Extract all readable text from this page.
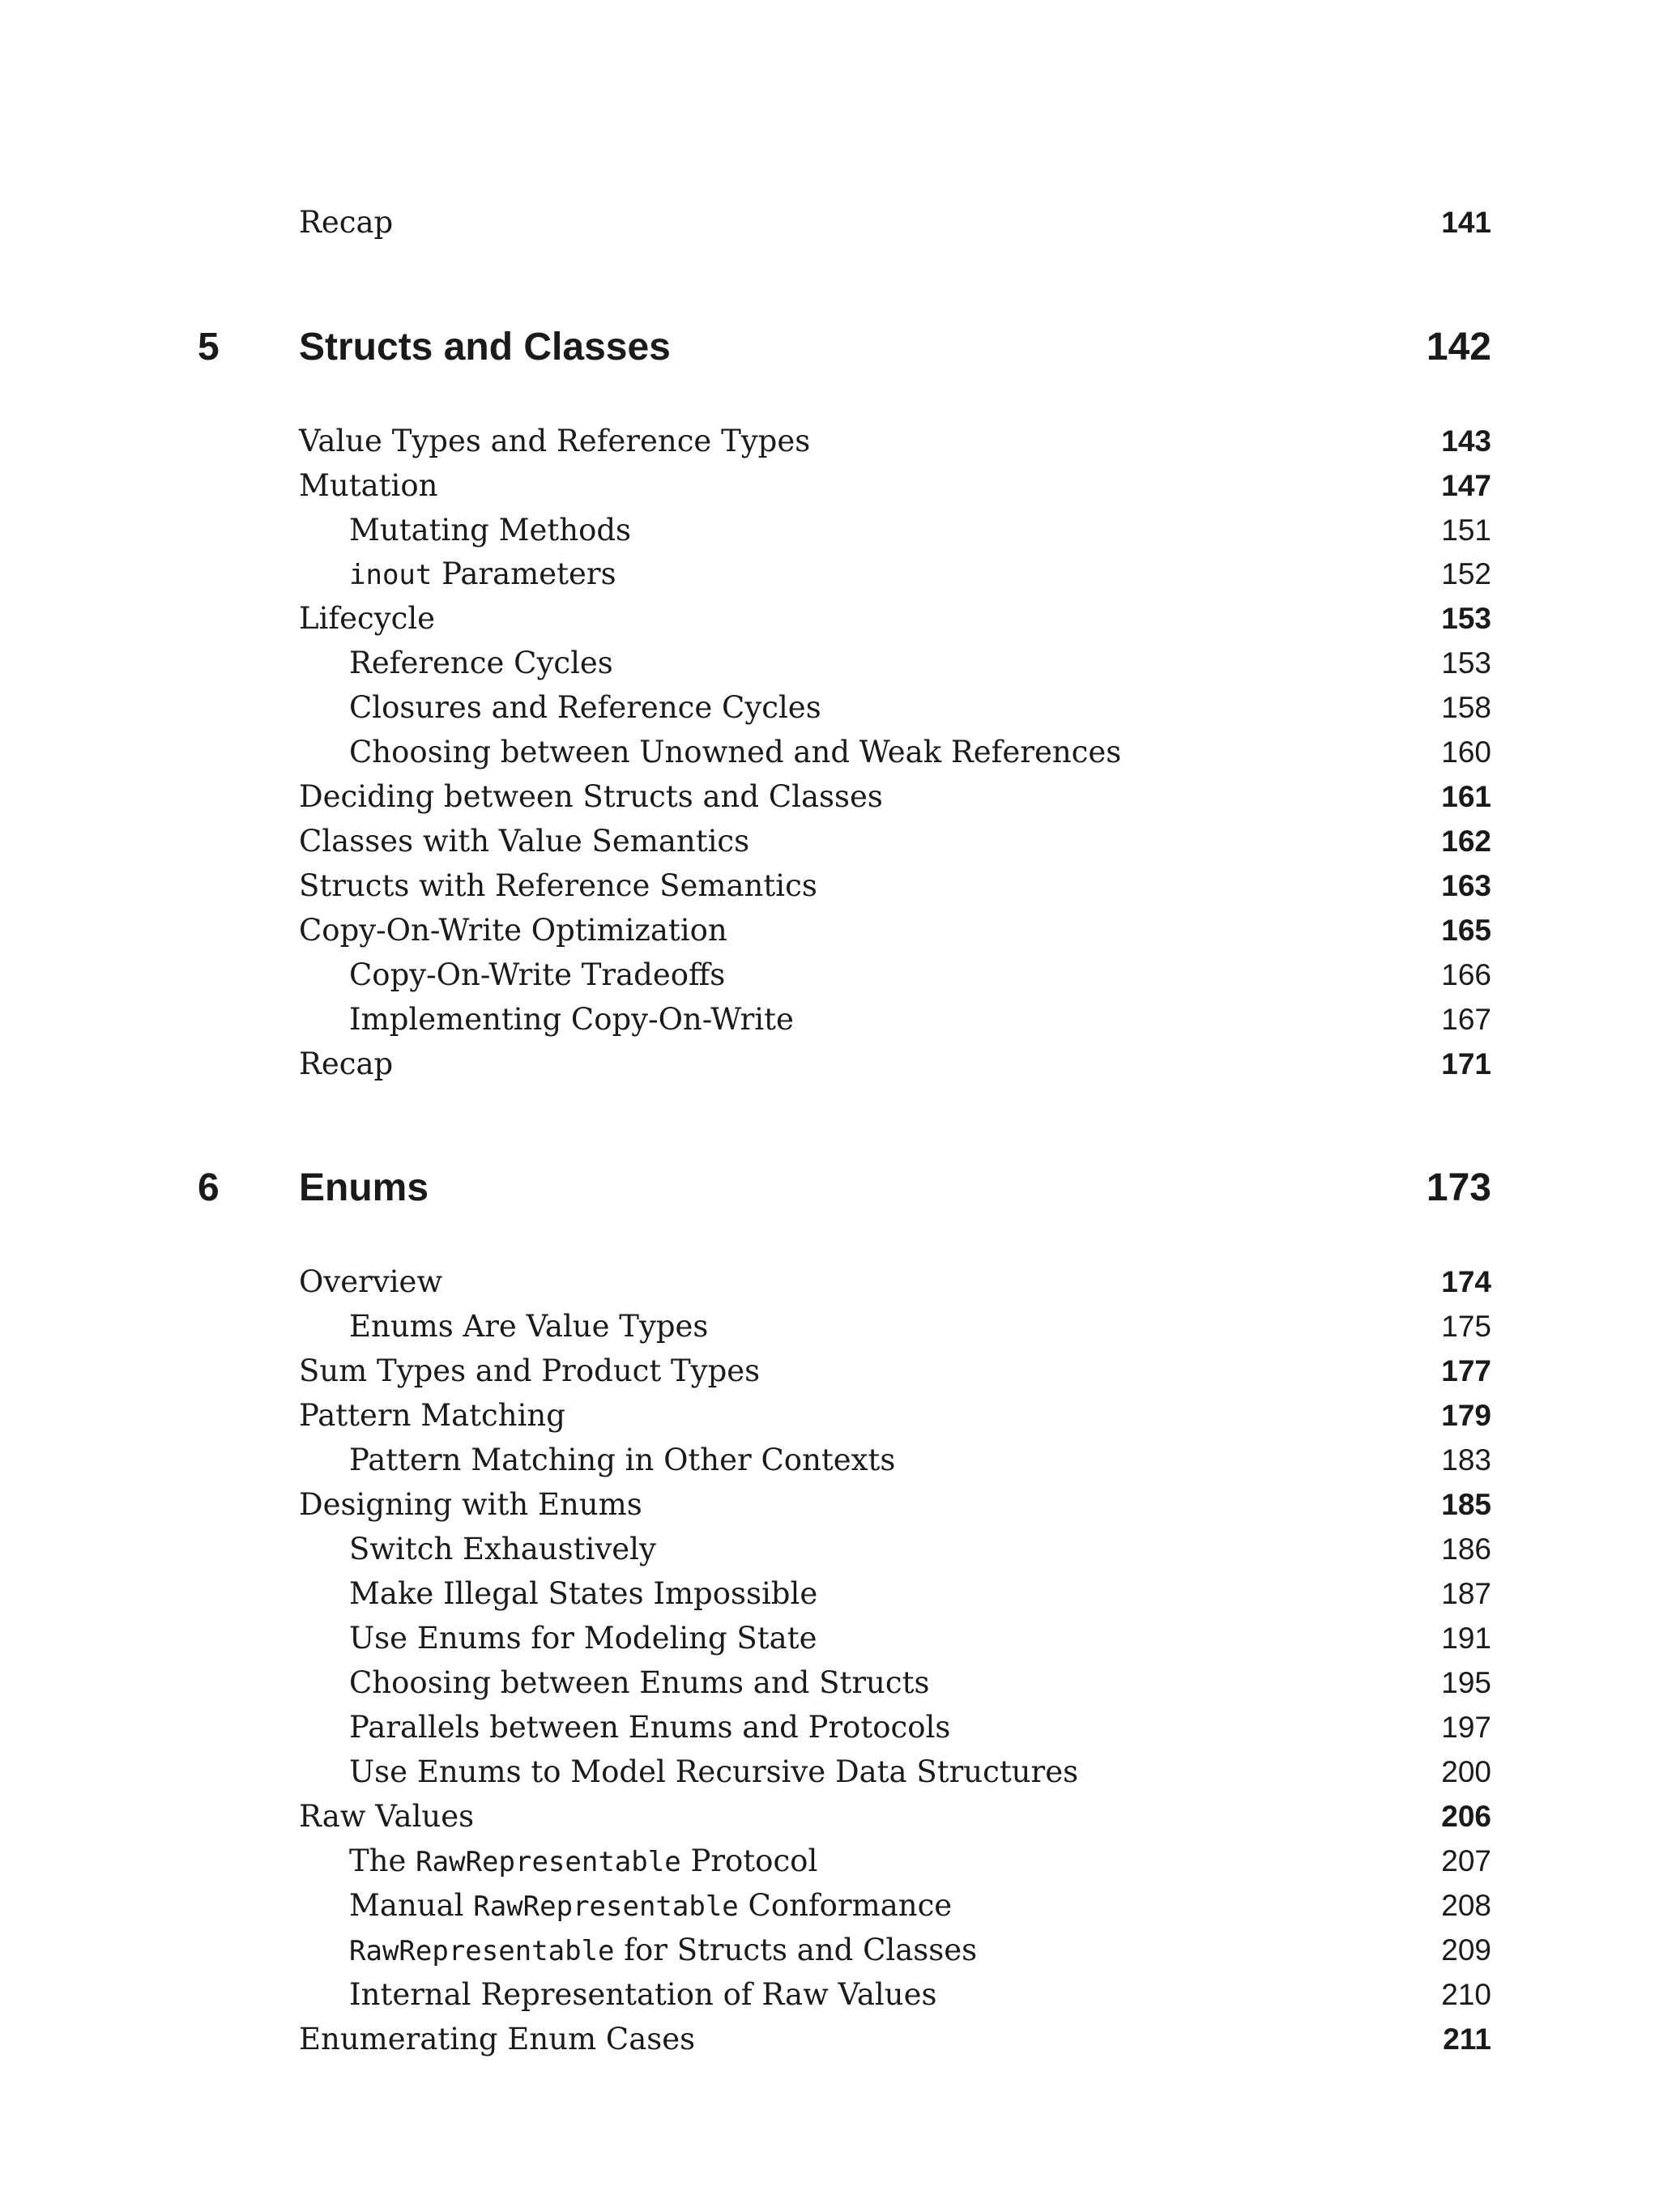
Recap	141
5	Structs and Classes	142
Value Types and Reference Types	143
Mutation	147
Mutating Methods	151
inout Parameters	152
Lifecycle	153
Reference Cycles	153
Closures and Reference Cycles	158
Choosing between Unowned and Weak References	160
Deciding between Structs and Classes	161
Classes with Value Semantics	162
Structs with Reference Semantics	163
Copy-On-Write Optimization	165
Copy-On-Write Tradeoffs	166
Implementing Copy-On-Write	167
Recap	171
6	Enums	173
Overview	174
Enums Are Value Types	175
Sum Types and Product Types	177
Pattern Matching	179
Pattern Matching in Other Contexts	183
Designing with Enums	185
Switch Exhaustively	186
Make Illegal States Impossible	187
Use Enums for Modeling State	191
Choosing between Enums and Structs	195
Parallels between Enums and Protocols	197
Use Enums to Model Recursive Data Structures	200
Raw Values	206
The RawRepresentable Protocol	207
Manual RawRepresentable Conformance	208
RawRepresentable for Structs and Classes	209
Internal Representation of Raw Values	210
Enumerating Enum Cases	211
